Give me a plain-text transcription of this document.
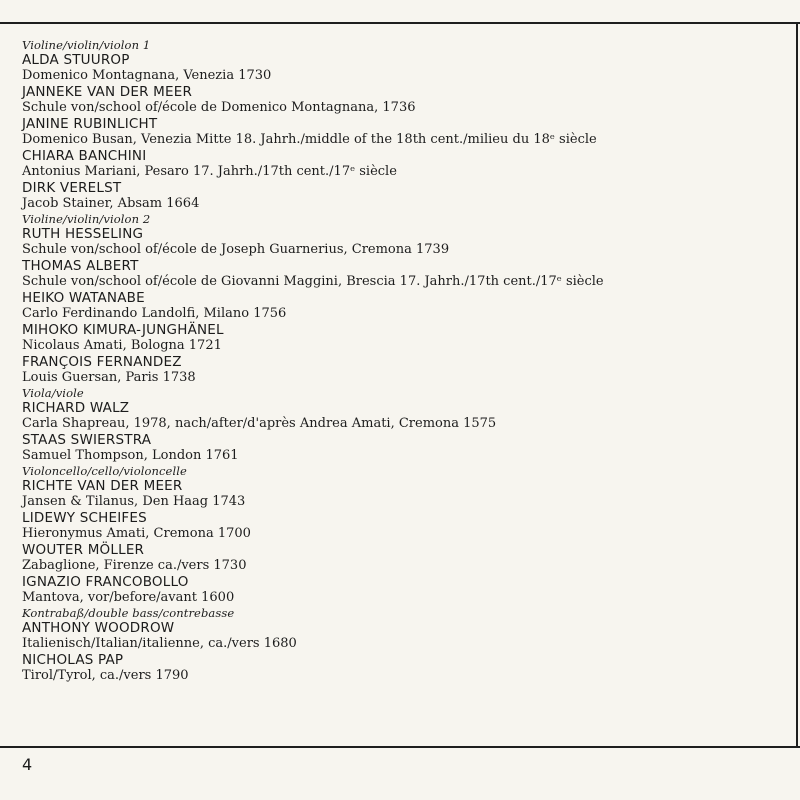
Violine/violin/violon 1
ALDA STUUROP
Domenico Montagnana, Venezia 1730
JANNEKE VAN DER MEER
Schule von/school of/école de Domenico Montagnana, 1736
JANINE RUBINLICHT
Domenico Busan, Venezia Mitte 18. Jahrh./middle of the 18th cent./milieu du 18ᵉ siècle
CHIARA BANCHINI
Antonius Mariani, Pesaro 17. Jahrh./17th cent./17ᵉ siècle
DIRK VERELST
Jacob Stainer, Absam 1664
Violine/violin/violon 2
RUTH HESSELING
Schule von/school of/école de Joseph Guarnerius, Cremona 1739
THOMAS ALBERT
Schule von/school of/école de Giovanni Maggini, Brescia 17. Jahrh./17th cent./17ᵉ siècle
HEIKO WATANABE
Carlo Ferdinando Landolfi, Milano 1756
MIHOKO KIMURA-JUNGHÄNEL
Nicolaus Amati, Bologna 1721
FRANÇOIS FERNANDEZ
Louis Guersan, Paris 1738
Viola/viole
RICHARD WALZ
Carla Shapreau, 1978, nach/after/d'après Andrea Amati, Cremona 1575
STAAS SWIERSTRA
Samuel Thompson, London 1761
Violoncello/cello/violoncelle
RICHTE VAN DER MEER
Jansen & Tilanus, Den Haag 1743
LIDEWY SCHEIFES
Hieronymus Amati, Cremona 1700
WOUTER MÖLLER
Zabaglione, Firenze ca./vers 1730
IGNAZIO FRANCOBOLLO
Mantova, vor/before/avant 1600
Kontrabaß/double bass/contrebasse
ANTHONY WOODROW
Italienisch/Italian/italienne, ca./vers 1680
NICHOLAS PAP
Tirol/Tyrol, ca./vers 1790
4
